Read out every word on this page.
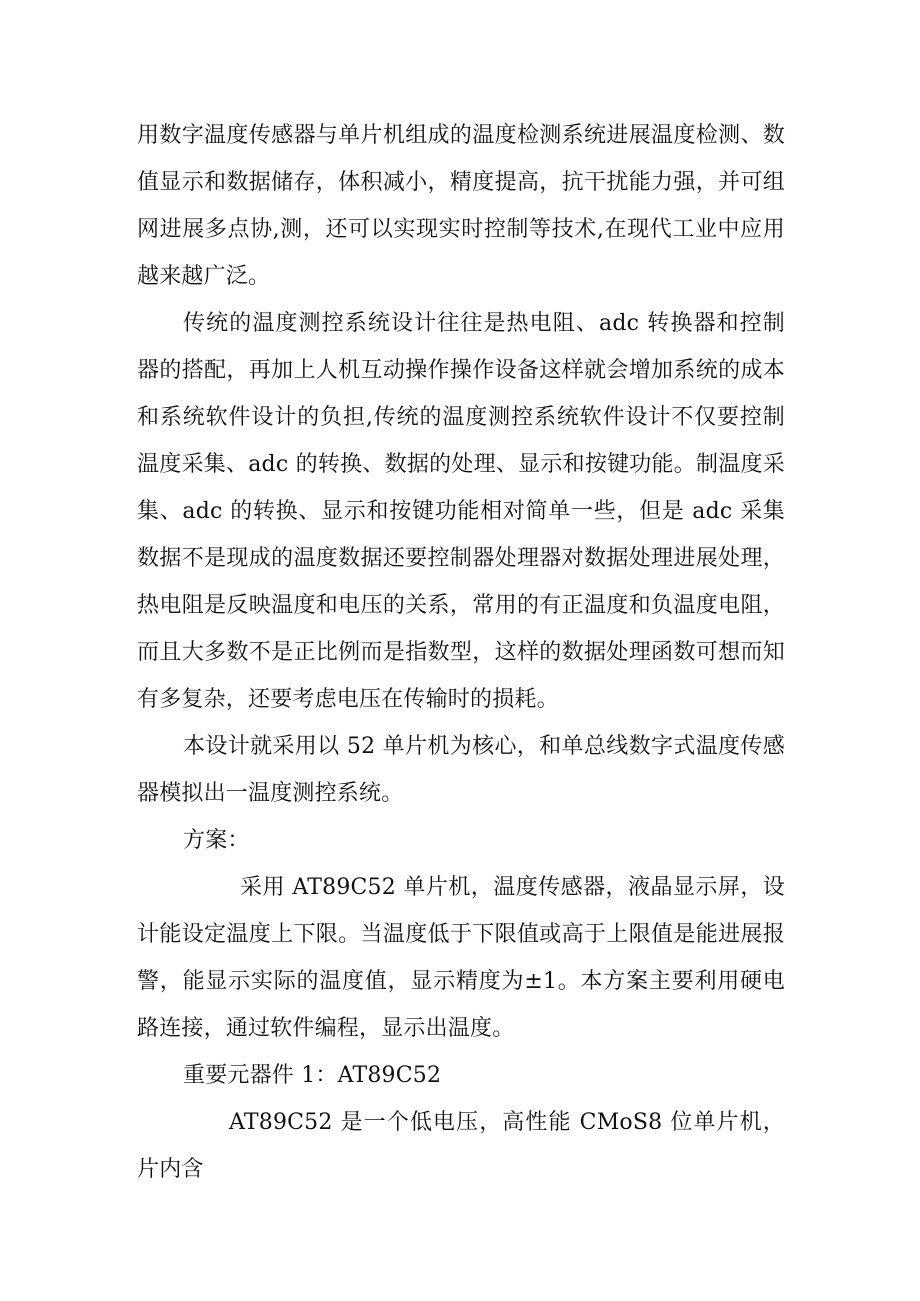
用数字温度传感器与单片机组成的温度检测系统进展温度检测、数值显示和数据储存，体积减小，精度提高，抗干扰能力强，并可组网进展多点协,测，还可以实现实时控制等技术,在现代工业中应用越来越广泛。

传统的温度测控系统设计往往是热电阻、adc 转换器和控制器的搭配，再加上人机互动操作操作设备这样就会增加系统的成本和系统软件设计的负担,传统的温度测控系统软件设计不仅要控制温度采集、adc 的转换、数据的处理、显示和按键功能。制温度采集、adc 的转换、显示和按键功能相对简单一些，但是 adc 采集数据不是现成的温度数据还要控制器处理器对数据处理进展处理，热电阻是反映温度和电压的关系，常用的有正温度和负温度电阻，而且大多数不是正比例而是指数型，这样的数据处理函数可想而知有多复杂，还要考虑电压在传输时的损耗。

本设计就采用以 52 单片机为核心，和单总线数字式温度传感器模拟出一温度测控系统。

方案：

采用 AT89C52 单片机，温度传感器，液晶显示屏，设计能设定温度上下限。当温度低于下限值或高于上限值是能进展报警，能显示实际的温度值，显示精度为±1。本方案主要利用硬电路连接，通过软件编程，显示出温度。

重要元器件 1：AT89C52

AT89C52 是一个低电压，高性能 CMoS8 位单片机，片内含
